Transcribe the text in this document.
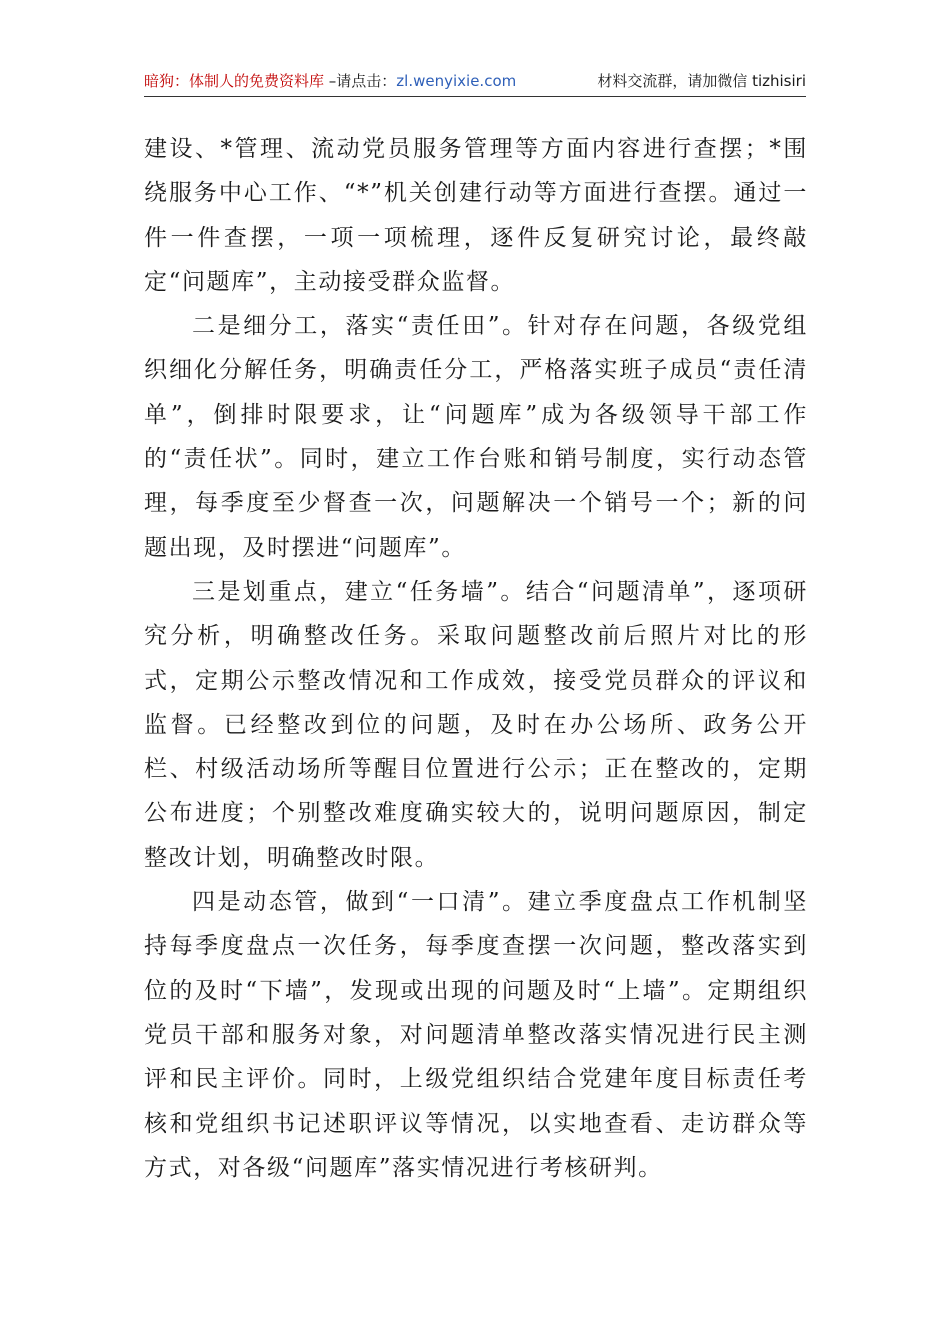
暗狗：体制人的免费资料库 –请点击：zl.wenyixie.com	材料交流群，请加微信 tizhisiri

建设、*管理、流动党员服务管理等方面内容进行查摆；*围绕服务中心工作、“*”机关创建行动等方面进行查摆。通过一件一件查摆，一项一项梳理，逐件反复研究讨论，最终敲定“问题库”，主动接受群众监督。

二是细分工，落实“责任田”。针对存在问题，各级党组织细化分解任务，明确责任分工，严格落实班子成员“责任清单”，倒排时限要求，让“问题库”成为各级领导干部工作的“责任状”。同时，建立工作台账和销号制度，实行动态管理，每季度至少督查一次，问题解决一个销号一个；新的问题出现，及时摆进“问题库”。

三是划重点，建立“任务墙”。结合“问题清单”，逐项研究分析，明确整改任务。采取问题整改前后照片对比的形式，定期公示整改情况和工作成效，接受党员群众的评议和监督。已经整改到位的问题，及时在办公场所、政务公开栏、村级活动场所等醒目位置进行公示；正在整改的，定期公布进度；个别整改难度确实较大的，说明问题原因，制定整改计划，明确整改时限。

四是动态管，做到“一口清”。建立季度盘点工作机制坚持每季度盘点一次任务，每季度查摆一次问题，整改落实到位的及时“下墙”，发现或出现的问题及时“上墙”。定期组织党员干部和服务对象，对问题清单整改落实情况进行民主测评和民主评价。同时，上级党组织结合党建年度目标责任考核和党组织书记述职评议等情况，以实地查看、走访群众等方式，对各级“问题库”落实情况进行考核研判。
